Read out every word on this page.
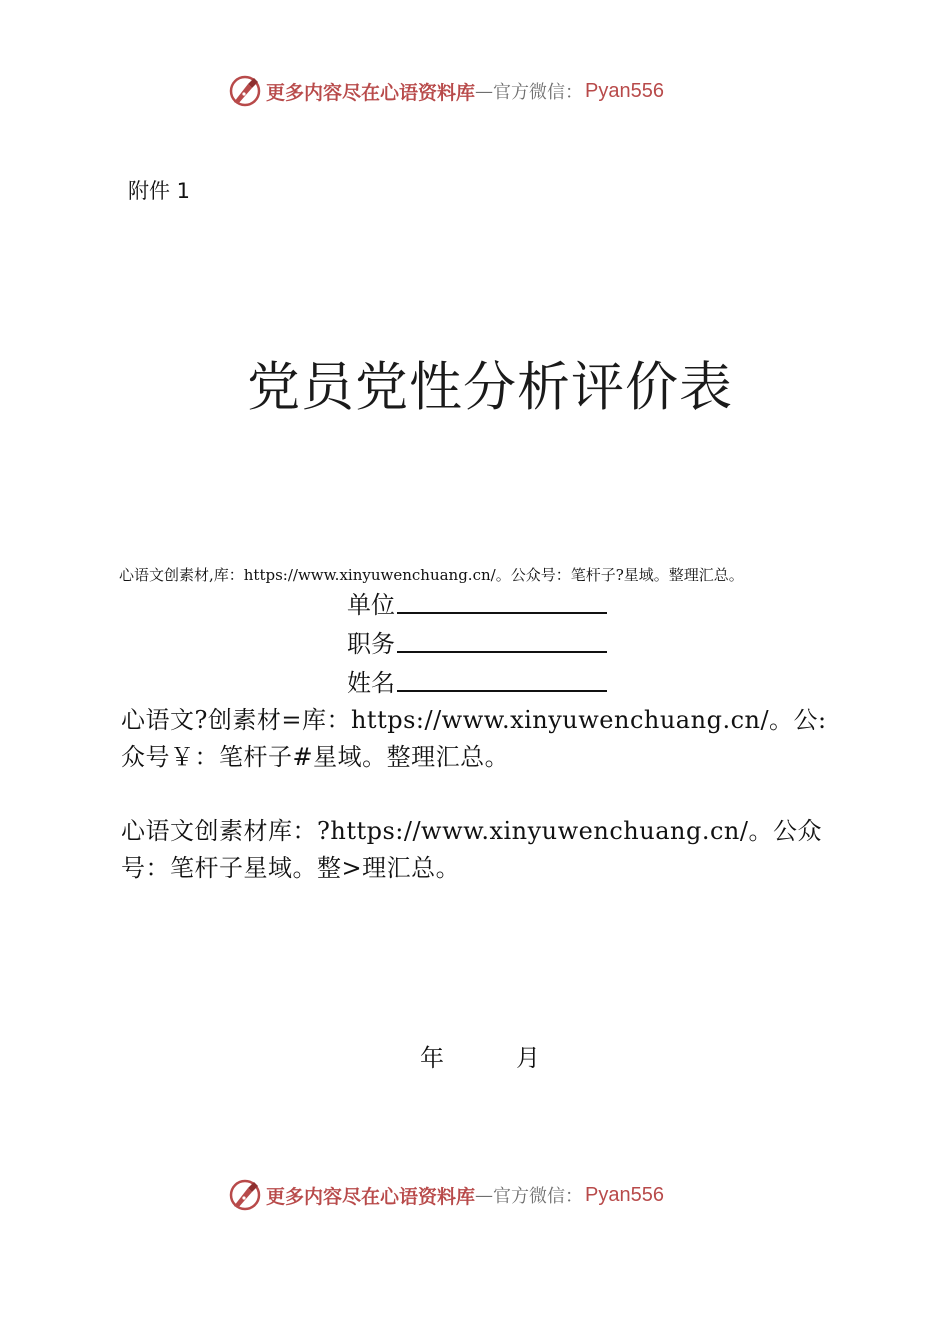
更多内容尽在心语资料库 — 官方微信： Pyan556
附件 1
党员党性分析评价表
心语文创素材,库：https://www.xinyuwenchuang.cn/。公众号：笔杆子?星域。整理汇总。
单位
职务
姓名
心语文?创素材=库：https://www.xinyuwenchuang.cn/。公:众号￥：笔杆子#星域。整理汇总。
心语文创素材库：?https://www.xinyuwenchuang.cn/。公众号：笔杆子星域。整>理汇总。
年	月
更多内容尽在心语资料库 — 官方微信： Pyan556
